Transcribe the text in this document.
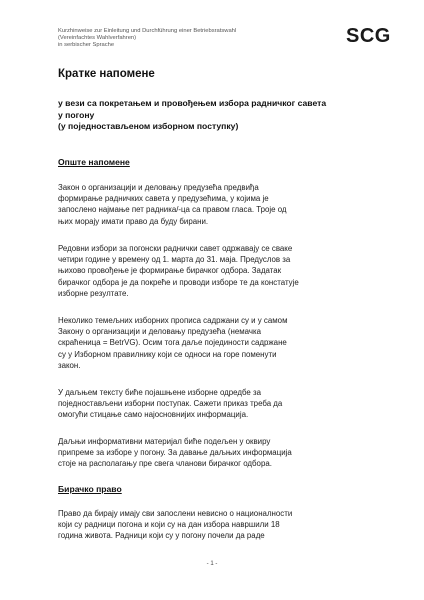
Kurzhinweise zur Einleitung und Durchführung einer Betriebsratswahl
(Vereinfachtes Wahlverfahren)
in serbischer Sprache	SCG
Кратке напомене
у вези са покретањем и провођењем избора радничког савета
у погону
(у поједностављеном изборном поступку)
Опште напомене
Закон о организацији и деловању предузећа предвиђа
формирање радничких савета у предузећима, у којима је
запослено најмање пет радника/-ца са правом гласа. Тројe од
њих морају имати право да буду бирани.
Редовни избори за погонски раднички савет одржавају се сваке
четири године у времену од 1. марта до 31. маја. Предуслов за
њихово провођење је формирање бирачког одбора. Задатак
бирачког одбора је да покреће и проводи изборе те да констатује
изборне резултате.
Неколико темељних изборних прописа садржани су и у самом
Закону о организацији и деловању предузећа (немачка
скраћеница = BetrVG). Осим тога даље појединости садржане
су у Изборном правилнику који се односи на горе поменути
закон.
У даљњем тексту биће појашњене изборне одредбе за
поједностављени изборни поступак. Сажети приказ треба да
омогући стицање само најосновнијих информација.
Даљњи информативни материјал биће подељен у оквиру
припреме за изборе у погону. За давање даљњих информација
стоје на располагању пре свега чланови бирачког одбора.
Бирачко право
Право да бирају имају сви запослени невисно о националности
који су радници погона и који су на дан избора навршили 18
година живота. Радници који су у погону почели да раде
- 1 -
